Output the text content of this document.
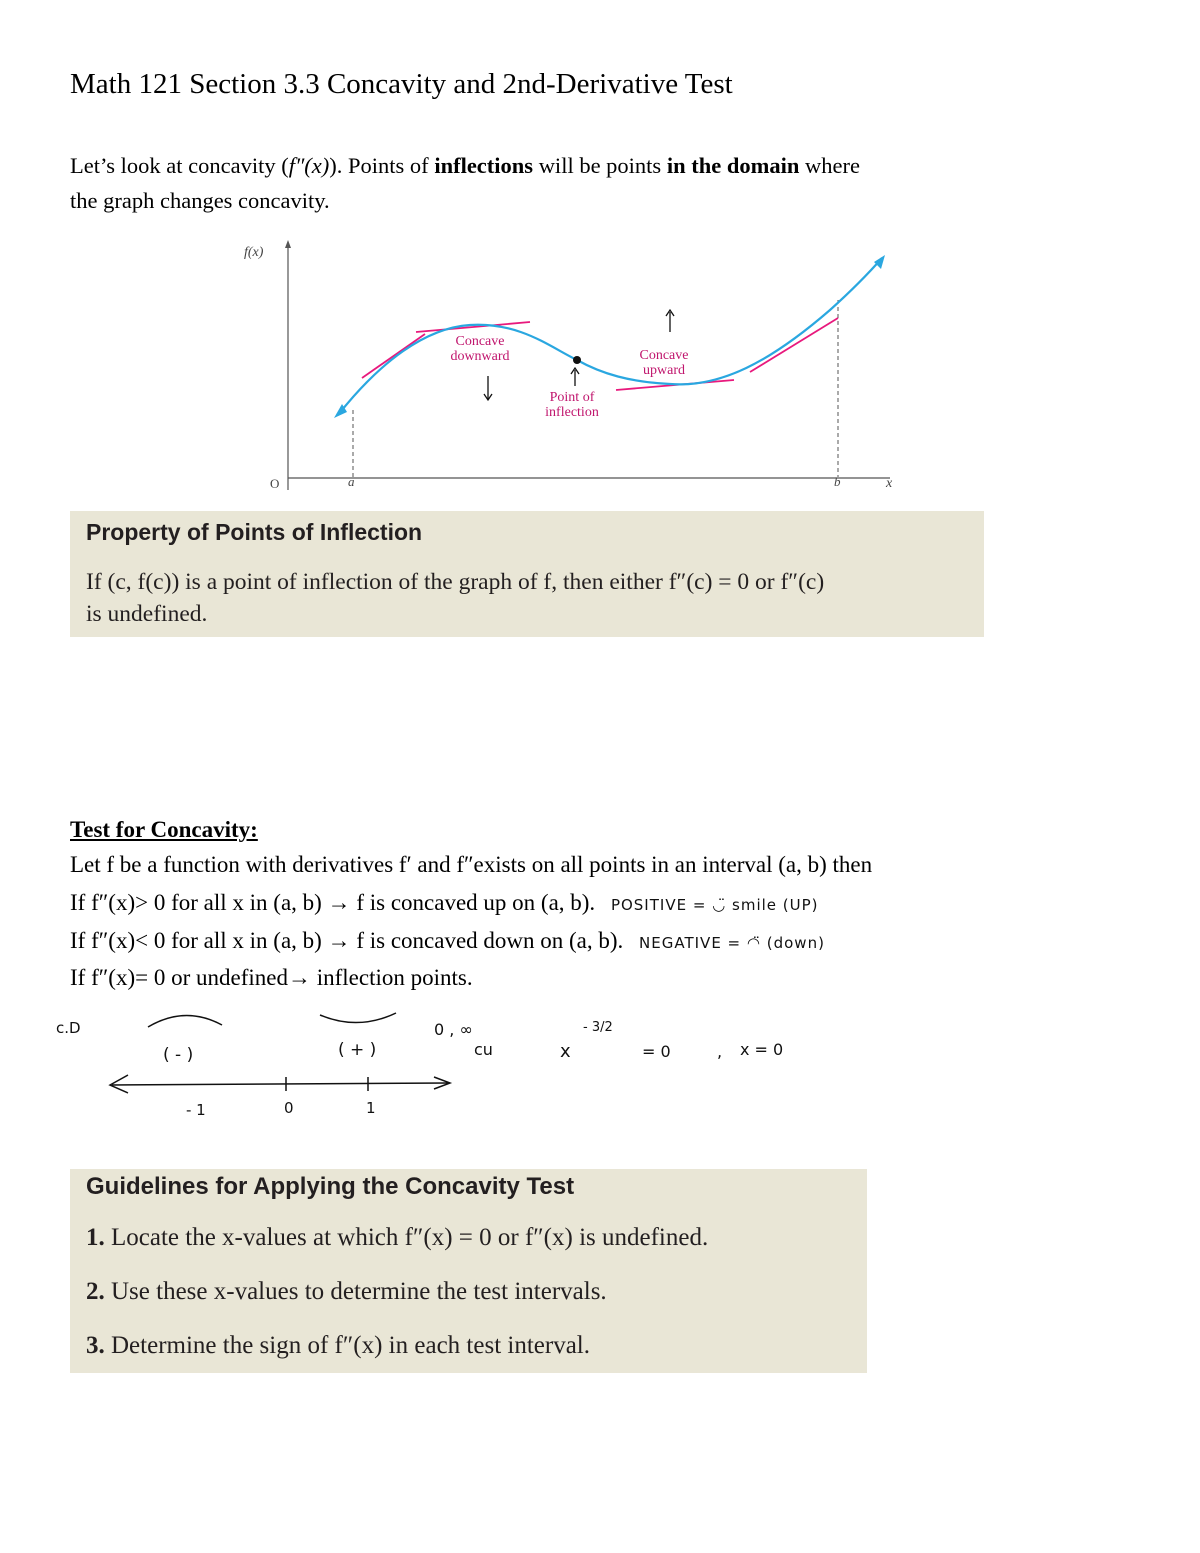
Math 121 Section 3.3 Concavity and 2nd-Derivative Test
Let’s look at concavity (f″(x)). Points of inflections will be points in the domain where
the graph changes concavity.
f(x)
O	a	b	x
Concave
downward	Concave
upward
Point of
inflection
Property of Points of Inflection
If (c, f(c)) is a point of inflection of the graph of f, then either f″(c) = 0 or f″(c)
is undefined.
Test for Concavity:
Let f be a function with derivatives f′ and f″exists on all points in an interval (a, b) then
If f″(x)> 0 for all x in (a, b) → f is concaved up on (a, b). POSITIVE = ◡̈ smile (UP)
If f″(x)< 0 for all x in (a, b) → f is concaved down on (a, b). NEGATIVE = ◠̈ (down)
If f″(x)= 0 or undefined→ inflection points.
c.D
( - )	( + )
0 , ∞
cu	x
- 3/2
= 0	, x = 0
- 1	0	1
Guidelines for Applying the Concavity Test
1. Locate the x-values at which f″(x) = 0 or f″(x) is undefined.
2. Use these x-values to determine the test intervals.
3. Determine the sign of f″(x) in each test interval.
